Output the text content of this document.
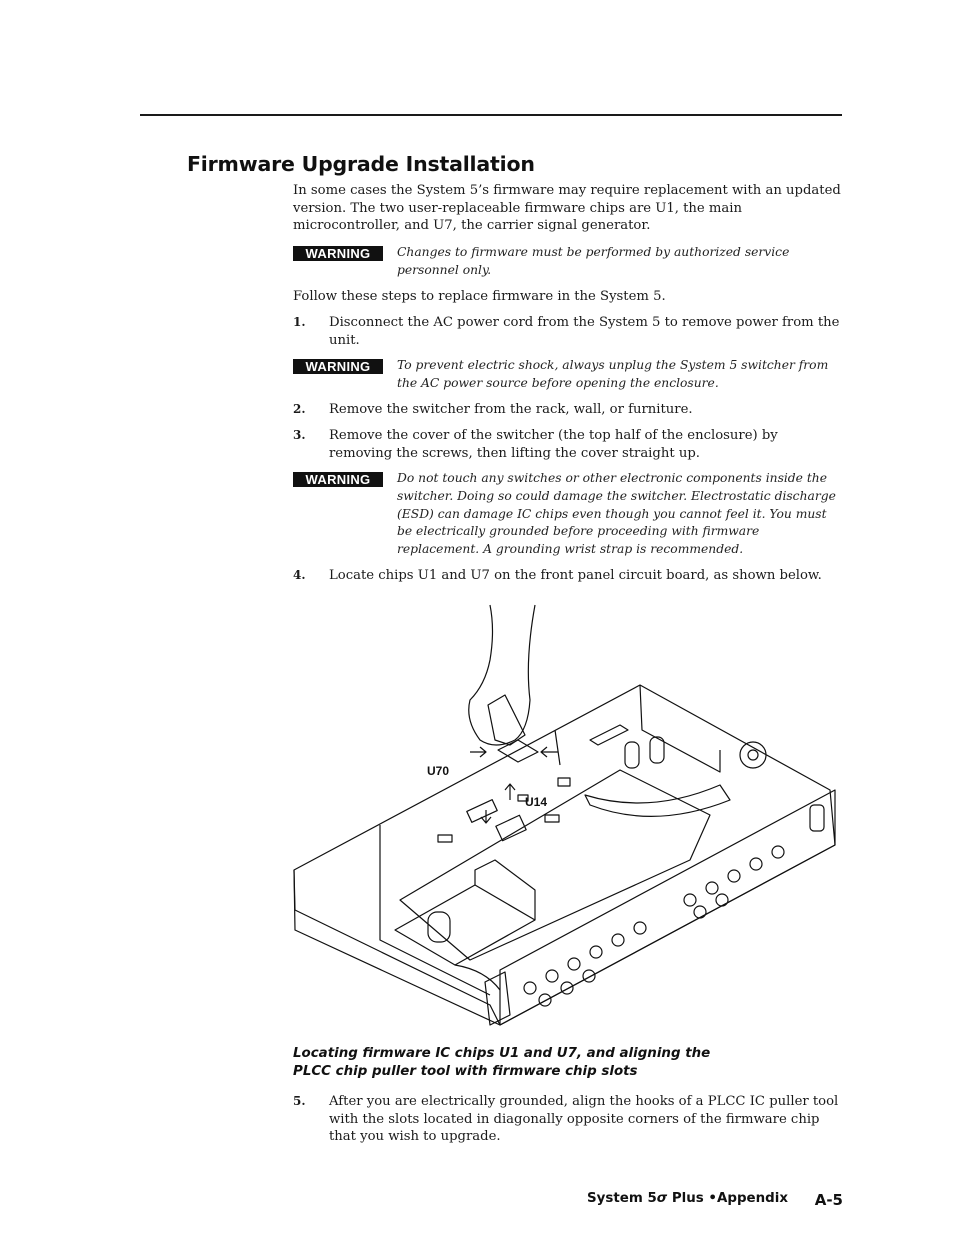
Firmware Upgrade Installation

In some cases the System 5’s firmware may require replacement with an updated version. The two user-replaceable firmware chips are U1, the main microcontroller, and U7, the carrier signal generator.

WARNING	Changes to firmware must be performed by authorized service personnel only.

Follow these steps to replace firmware in the System 5.

1. Disconnect the AC power cord from the System 5 to remove power from the unit.
WARNING	To prevent electric shock, always unplug the System 5 switcher from the AC power source before opening the enclosure.
2. Remove the switcher from the rack, wall, or furniture.
3. Remove the cover of the switcher (the top half of the enclosure) by removing the screws, then lifting the cover straight up.
WARNING	Do not touch any switches or other electronic components inside the switcher. Doing so could damage the switcher. Electrostatic discharge (ESD) can damage IC chips even though you cannot feel it. You must be electrically grounded before proceeding with firmware replacement. A grounding wrist strap is recommended.
4. Locate chips U1 and U7 on the front panel circuit board, as shown below.
U70
U14
Locating firmware IC chips U1 and U7, and aligning the
PLCC chip puller tool with firmware chip slots
5. After you are electrically grounded, align the hooks of a PLCC IC puller tool with the slots located in diagonally opposite corners of the firmware chip that you wish to upgrade.
System 5σ Plus •Appendix A-5
